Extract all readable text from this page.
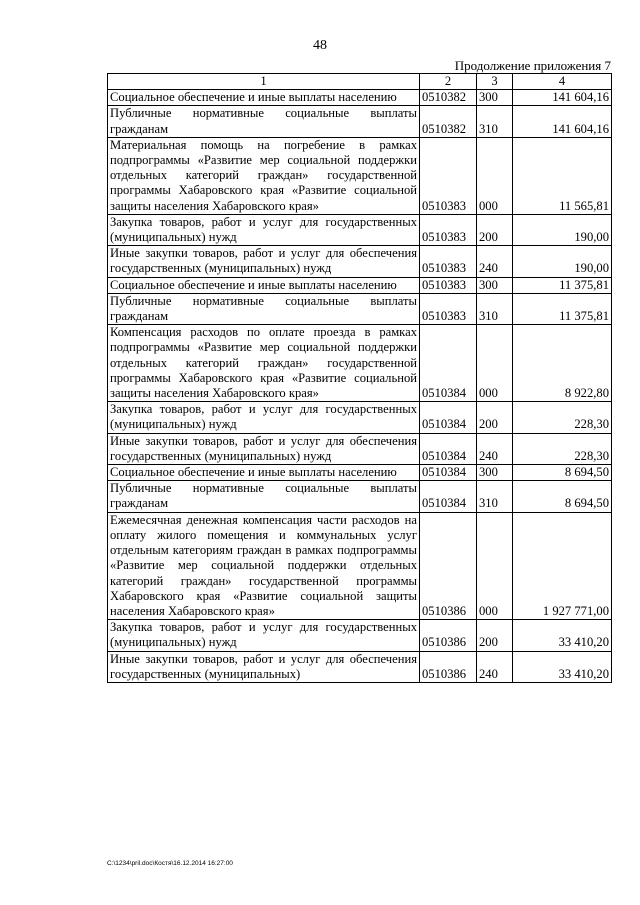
48
Продолжение приложения 7
1	2	3	4
Социальное обеспечение и иные выплаты населению	0510382	300	141 604,16
Публичные нормативные социальные выплаты гражданам	0510382	310	141 604,16
Материальная помощь на погребение в рамках подпрограммы «Развитие мер социальной поддержки отдельных категорий граждан» государственной программы Хабаровского края «Развитие социальной защиты населения Хабаровского края»	0510383	000	11 565,81
Закупка товаров, работ и услуг для государственных (муниципальных) нужд	0510383	200	190,00
Иные закупки товаров, работ и услуг для обеспечения государственных (муниципальных) нужд	0510383	240	190,00
Социальное обеспечение и иные выплаты населению	0510383	300	11 375,81
Публичные нормативные социальные выплаты гражданам	0510383	310	11 375,81
Компенсация расходов по оплате проезда в рамках подпрограммы «Развитие мер социальной поддержки отдельных категорий граждан» государственной программы Хабаровского края «Развитие социальной защиты населения Хабаровского края»	0510384	000	8 922,80
Закупка товаров, работ и услуг для государственных (муниципальных) нужд	0510384	200	228,30
Иные закупки товаров, работ и услуг для обеспечения государственных (муниципальных) нужд	0510384	240	228,30
Социальное обеспечение и иные выплаты населению	0510384	300	8 694,50
Публичные нормативные социальные выплаты гражданам	0510384	310	8 694,50
Ежемесячная денежная компенсация части расходов на оплату жилого помещения и коммунальных услуг отдельным категориям граждан в рамках подпрограммы «Развитие мер социальной поддержки отдельных категорий граждан» государственной программы Хабаровского края «Развитие социальной защиты населения Хабаровского края»	0510386	000	1 927 771,00
Закупка товаров, работ и услуг для государственных (муниципальных) нужд	0510386	200	33 410,20
Иные закупки товаров, работ и услуг для обеспечения государственных (муниципальных)	0510386	240	33 410,20
C:\1234\pril.doc\Костя\16.12.2014 16:27:00
